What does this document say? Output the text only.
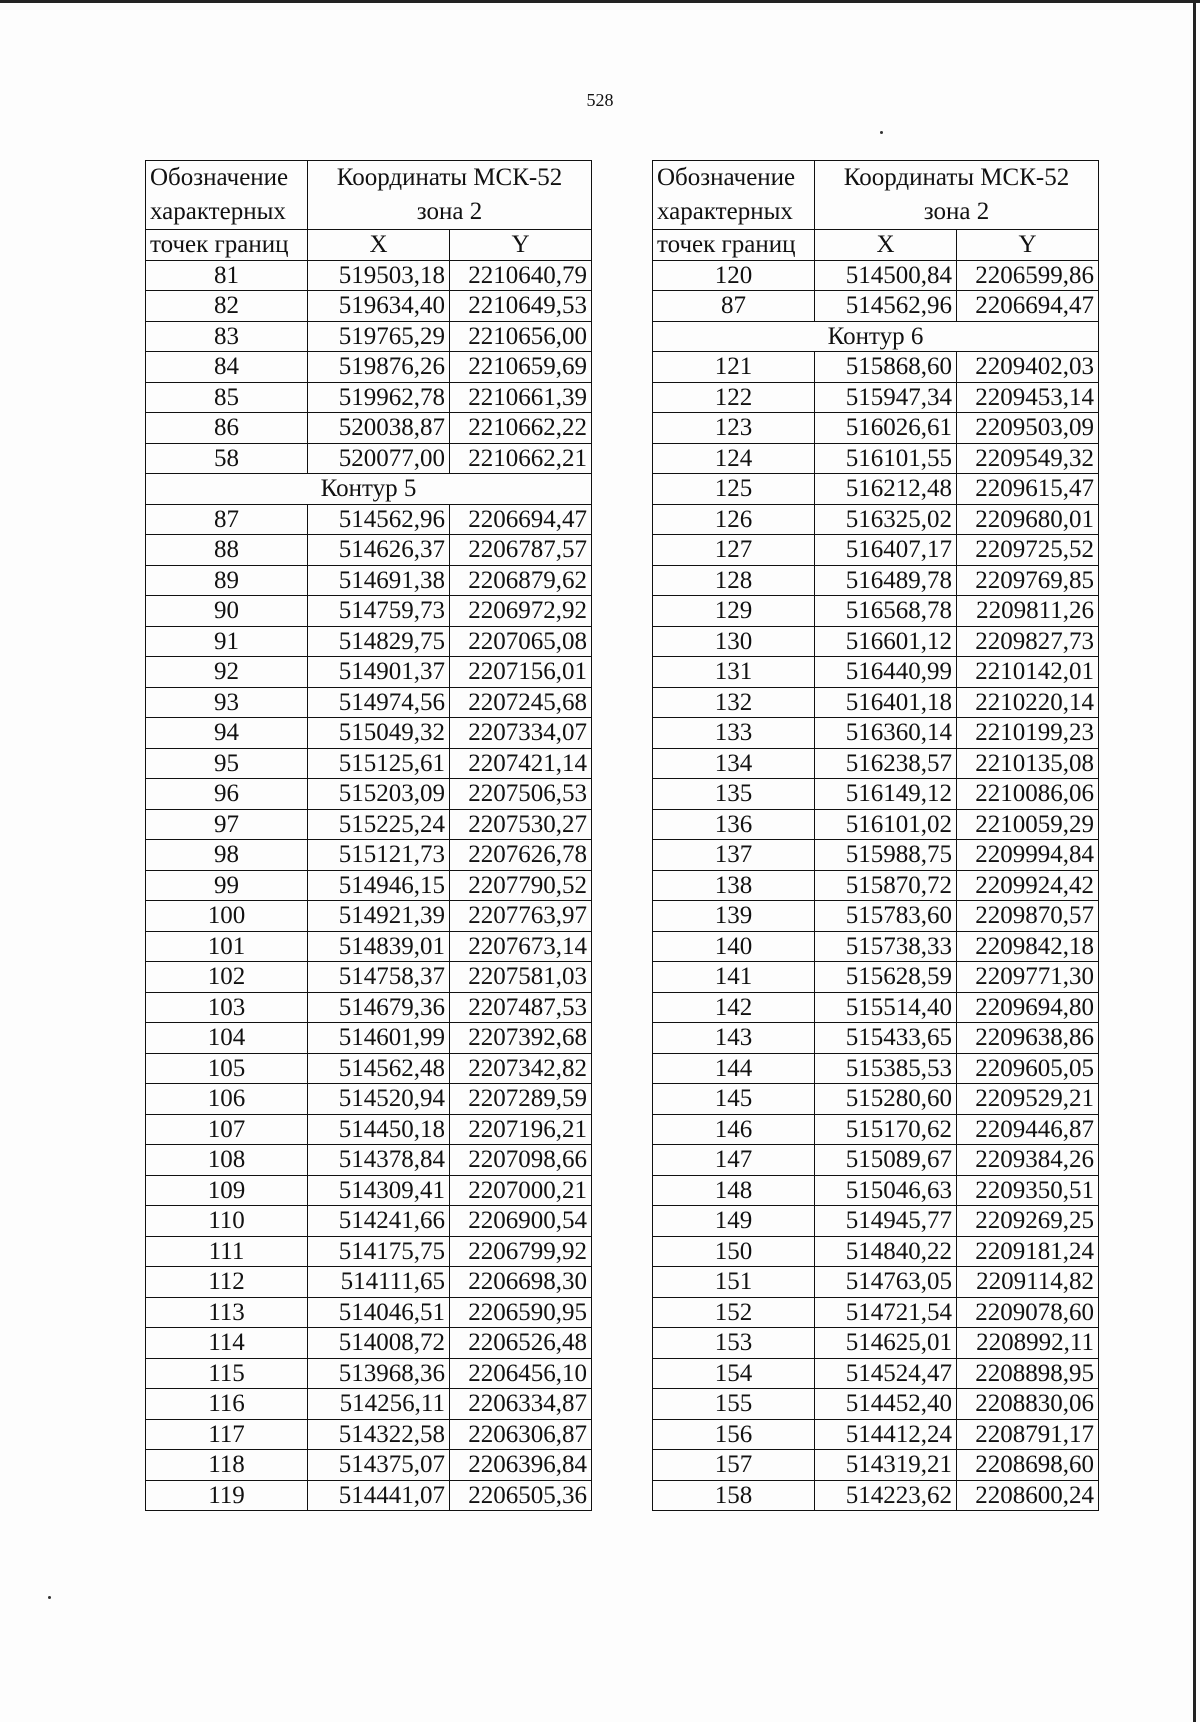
528
Обозначение
характерных	Координаты МСК-52
зона 2	
точек границ	X	Y
81	519503,18	2210640,79
82	519634,40	2210649,53
83	519765,29	2210656,00
84	519876,26	2210659,69
85	519962,78	2210661,39
86	520038,87	2210662,22
58	520077,00	2210662,21
Контур 5		
87	514562,96	2206694,47
88	514626,37	2206787,57
89	514691,38	2206879,62
90	514759,73	2206972,92
91	514829,75	2207065,08
92	514901,37	2207156,01
93	514974,56	2207245,68
94	515049,32	2207334,07
95	515125,61	2207421,14
96	515203,09	2207506,53
97	515225,24	2207530,27
98	515121,73	2207626,78
99	514946,15	2207790,52
100	514921,39	2207763,97
101	514839,01	2207673,14
102	514758,37	2207581,03
103	514679,36	2207487,53
104	514601,99	2207392,68
105	514562,48	2207342,82
106	514520,94	2207289,59
107	514450,18	2207196,21
108	514378,84	2207098,66
109	514309,41	2207000,21
110	514241,66	2206900,54
111	514175,75	2206799,92
112	514111,65	2206698,30
113	514046,51	2206590,95
114	514008,72	2206526,48
115	513968,36	2206456,10
116	514256,11	2206334,87
117	514322,58	2206306,87
118	514375,07	2206396,84
119	514441,07	2206505,36
Обозначение
характерных	Координаты МСК-52
зона 2	
точек границ	X	Y
120	514500,84	2206599,86
87	514562,96	2206694,47
Контур 6		
121	515868,60	2209402,03
122	515947,34	2209453,14
123	516026,61	2209503,09
124	516101,55	2209549,32
125	516212,48	2209615,47
126	516325,02	2209680,01
127	516407,17	2209725,52
128	516489,78	2209769,85
129	516568,78	2209811,26
130	516601,12	2209827,73
131	516440,99	2210142,01
132	516401,18	2210220,14
133	516360,14	2210199,23
134	516238,57	2210135,08
135	516149,12	2210086,06
136	516101,02	2210059,29
137	515988,75	2209994,84
138	515870,72	2209924,42
139	515783,60	2209870,57
140	515738,33	2209842,18
141	515628,59	2209771,30
142	515514,40	2209694,80
143	515433,65	2209638,86
144	515385,53	2209605,05
145	515280,60	2209529,21
146	515170,62	2209446,87
147	515089,67	2209384,26
148	515046,63	2209350,51
149	514945,77	2209269,25
150	514840,22	2209181,24
151	514763,05	2209114,82
152	514721,54	2209078,60
153	514625,01	2208992,11
154	514524,47	2208898,95
155	514452,40	2208830,06
156	514412,24	2208791,17
157	514319,21	2208698,60
158	514223,62	2208600,24
